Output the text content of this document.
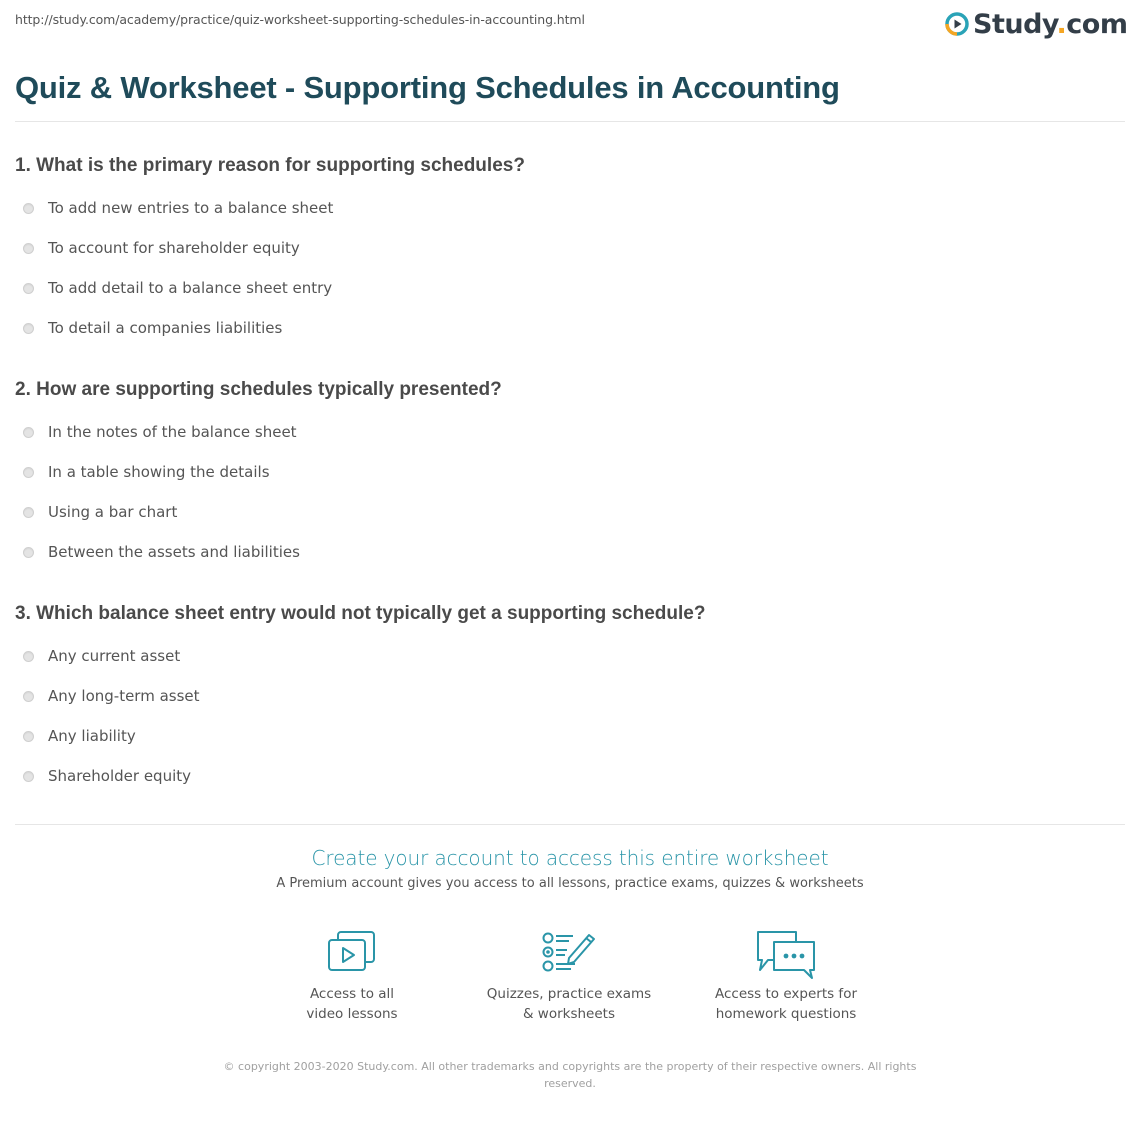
http://study.com/academy/practice/quiz-worksheet-supporting-schedules-in-accounting.html	Study.com
Quiz & Worksheet - Supporting Schedules in Accounting
1. What is the primary reason for supporting schedules?
To add new entries to a balance sheet
To account for shareholder equity
To add detail to a balance sheet entry
To detail a companies liabilities
2. How are supporting schedules typically presented?
In the notes of the balance sheet
In a table showing the details
Using a bar chart
Between the assets and liabilities
3. Which balance sheet entry would not typically get a supporting schedule?
Any current asset
Any long-term asset
Any liability
Shareholder equity
Create your account to access this entire worksheet
A Premium account gives you access to all lessons, practice exams, quizzes & worksheets
Access to all
video lessons
Quizzes, practice exams
& worksheets
Access to experts for
homework questions
© copyright 2003-2020 Study.com. All other trademarks and copyrights are the property of their respective owners. All rights reserved.
